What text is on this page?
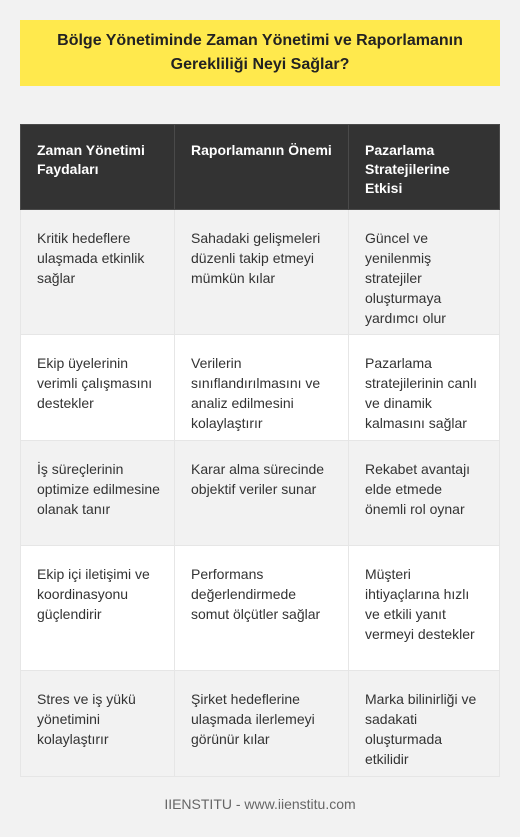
Bölge Yönetiminde Zaman Yönetimi ve Raporlamanın Gerekliliği Neyi Sağlar?
Zaman Yönetimi Faydaları	Raporlamanın Önemi	Pazarlama Stratejilerine Etkisi
Kritik hedeflere ulaşmada etkinlik sağlar	Sahadaki gelişmeleri düzenli takip etmeyi mümkün kılar	Güncel ve yenilenmiş stratejiler oluşturmaya yardımcı olur
Ekip üyelerinin verimli çalışmasını destekler	Verilerin sınıflandırılmasını ve analiz edilmesini kolaylaştırır	Pazarlama stratejilerinin canlı ve dinamik kalmasını sağlar
İş süreçlerinin optimize edilmesine olanak tanır	Karar alma sürecinde objektif veriler sunar	Rekabet avantajı elde etmede önemli rol oynar
Ekip içi iletişimi ve koordinasyonu güçlendirir	Performans değerlendirmede somut ölçütler sağlar	Müşteri ihtiyaçlarına hızlı ve etkili yanıt vermeyi destekler
Stres ve iş yükü yönetimini kolaylaştırır	Şirket hedeflerine ulaşmada ilerlemeyi görünür kılar	Marka bilinirliği ve sadakati oluşturmada etkilidir
IIENSTITU - www.iienstitu.com
